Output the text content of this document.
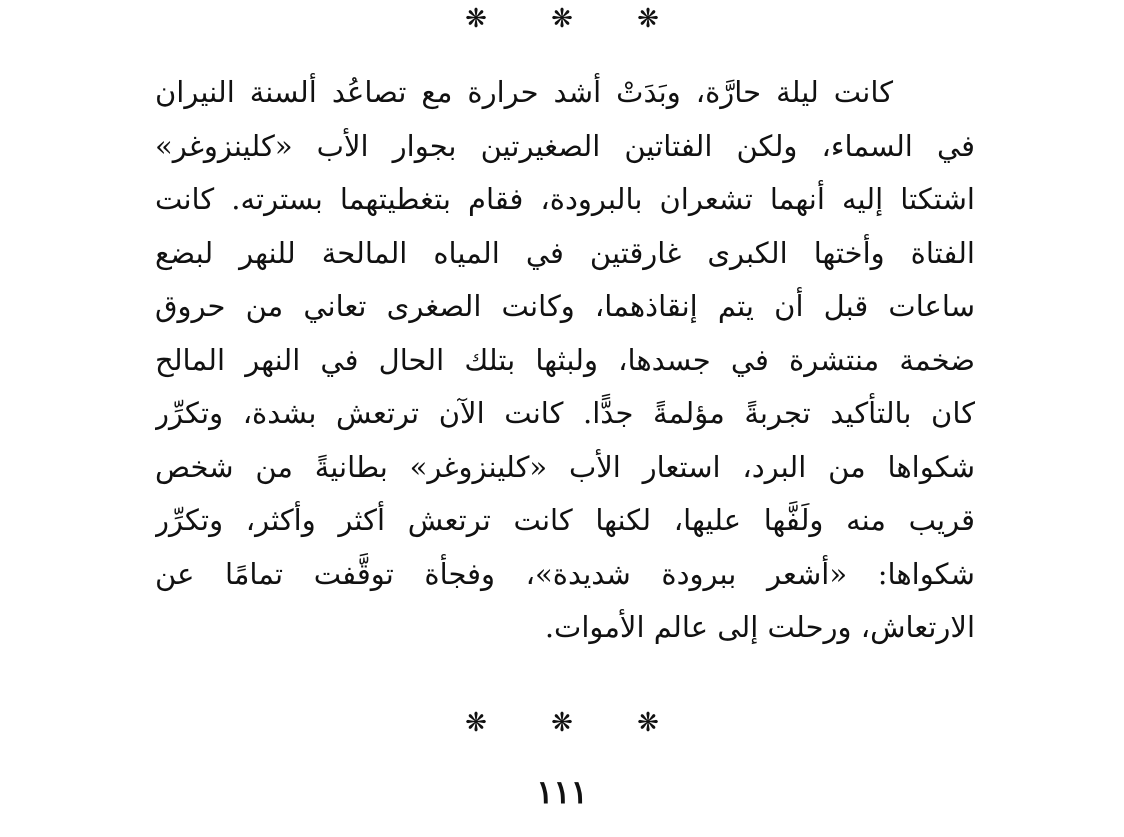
❋ ❋ ❋
كانت ليلة حارَّة، وبَدَتْ أشد حرارة مع تصاعُد ألسنة النيران
في السماء، ولكن الفتاتين الصغيرتين بجوار الأب «كلينزوغر»
اشتكتا إليه أنهما تشعران بالبرودة، فقام بتغطيتهما بسترته. كانت
الفتاة وأختها الكبرى غارقتين في المياه المالحة للنهر لبضع
ساعات قبل أن يتم إنقاذهما، وكانت الصغرى تعاني من حروق
ضخمة منتشرة في جسدها، ولبثها بتلك الحال في النهر المالح
كان بالتأكيد تجربةً مؤلمةً جدًّا. كانت الآن ترتعش بشدة، وتكرِّر
شكواها من البرد، استعار الأب «كلينزوغر» بطانيةً من شخص
قريب منه ولَفَّها عليها، لكنها كانت ترتعش أكثر وأكثر، وتكرِّر
شكواها: «أشعر ببرودة شديدة»، وفجأة توقَّفت تمامًا عن
الارتعاش، ورحلت إلى عالم الأموات.
❋ ❋ ❋
١١١
